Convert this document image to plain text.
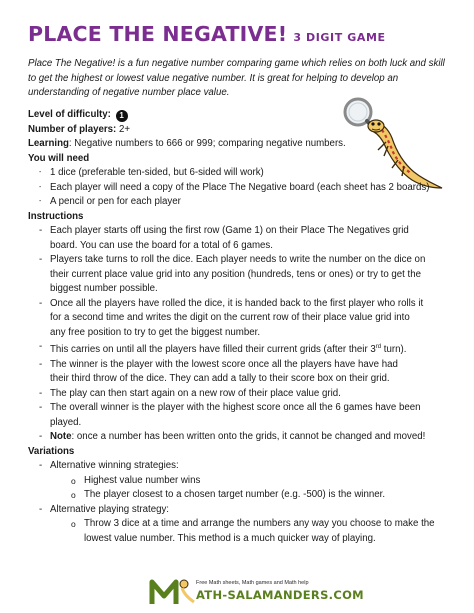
PLACE THE NEGATIVE! 3 DIGIT GAME

Place The Negative! is a fun negative number comparing game which relies on both luck and skill to get the highest or lowest value negative number. It is great for helping to develop an understanding of negative number place value.

Level of difficulty: 1

Number of players: 2+

Learning: Negative numbers to 666 or 999; comparing negative numbers.

You will need

- 1 dice (preferable ten-sided, but 6-sided will work)

- Each player will need a copy of the Place The Negative board (each sheet has 2 boards)

- A pencil or pen for each player

Instructions

- Each player starts off using the first row (Game 1) on their Place The Negatives grid

board. You can use the board for a total of 6 games.

- Players take turns to roll the dice. Each player needs to write the number on the dice on

their current place value grid into any position (hundreds, tens or ones) or try to get the

biggest number possible.

- Once all the players have rolled the dice, it is handed back to the first player who rolls it

for a second time and writes the digit on the current row of their place value grid into

any free position to try to get the biggest number.

- This carries on until all the players have filled their current grids (after their 3rd turn).

- The winner is the player with the lowest score once all the players have have had

their third throw of the dice. They can add a tally to their score box on their grid.

- The play can then start again on a new row of their place value grid.

- The overall winner is the player with the highest score once all the 6 games have been

played.

- Note: once a number has been written onto the grids, it cannot be changed and moved!

Variations

- Alternative winning strategies:

o Highest value number wins

o The player closest to a chosen target number (e.g. -500) is the winner.

- Alternative playing strategy:

o Throw 3 dice at a time and arrange the numbers any way you choose to make the

lowest value number. This method is a much quicker way of playing.

Free Math sheets, Math games and Math help
ATH-SALAMANDERS.COM
